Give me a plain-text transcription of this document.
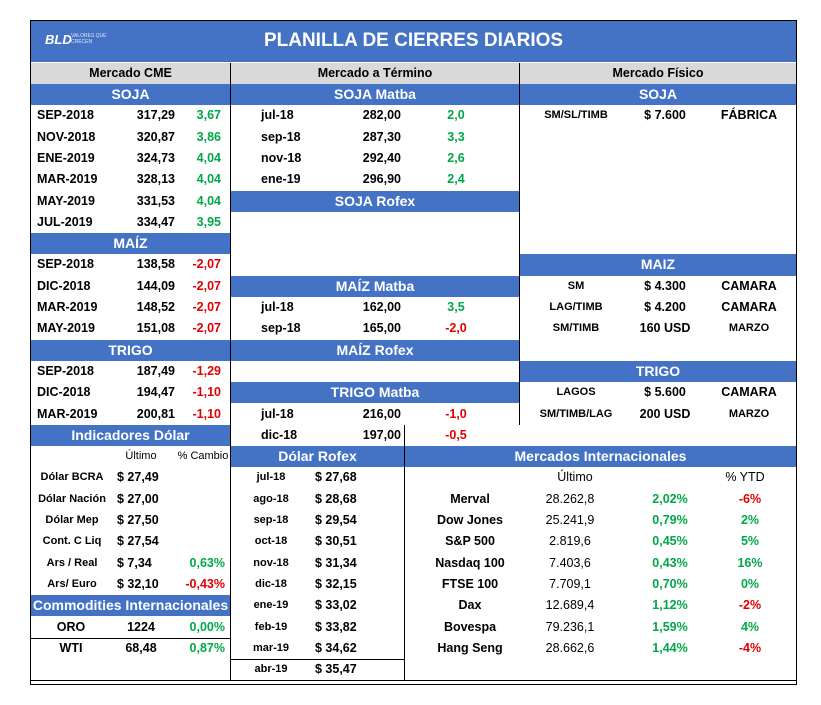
BLD VALORES QUE CRECEN	PLANILLA DE CIERRES DIARIOS
Mercado CME	Mercado a Término	Mercado Físico
SOJA
SEP-2018	317,29	3,67
NOV-2018	320,87	3,86
ENE-2019	324,73	4,04
MAR-2019	328,13	4,04
MAY-2019	331,53	4,04
JUL-2019	334,47	3,95
MAÍZ
SEP-2018	138,58	-2,07
DIC-2018	144,09	-2,07
MAR-2019	148,52	-2,07
MAY-2019	151,08	-2,07
TRIGO
SEP-2018	187,49	-1,29
DIC-2018	194,47	-1,10
MAR-2019	200,81	-1,10
Indicadores Dólar
Último	% Cambio
Dólar BCRA	$ 27,49
Dólar Nación $ 27,00
Dólar Mep	$ 27,50
Cont. C Liq	$ 27,54
Ars / Real	$ 7,34	0,63%
Ars/ Euro	$ 32,10	-0,43%
Commodities Internacionales
ORO	1224	0,00%
WTI	68,48	0,87%
SOJA Matba
jul-18	282,00	2,0
sep-18	287,30	3,3
nov-18	292,40	2,6
ene-19	296,90	2,4
SOJA Rofex
MAÍZ Matba
jul-18	162,00	3,5
sep-18	165,00	-2,0
MAÍZ Rofex
TRIGO Matba
jul-18	216,00	-1,0
dic-18	197,00	-0,5
Dólar Rofex
jul-18	$ 27,68
ago-18	$ 28,68
sep-18	$ 29,54
oct-18	$ 30,51
nov-18	$ 31,34
dic-18	$ 32,15
ene-19	$ 33,02
feb-19	$ 33,82
mar-19	$ 34,62
abr-19	$ 35,47
SOJA
SM/SL/TIMB	$ 7.600	FÁBRICA
MAIZ
SM	$ 4.300	CAMARA
LAG/TIMB	$ 4.200	CAMARA
SM/TIMB	160 USD	MARZO
TRIGO
LAGOS	$ 5.600	CAMARA
SM/TIMB/LAG	200 USD	MARZO
Mercados Internacionales
Último	% YTD
Merval	28.262,8	2,02%	-6%
Dow Jones	25.241,9	0,79%	2%
S&P 500	2.819,6	0,45%	5%
Nasdaq 100	7.403,6	0,43%	16%
FTSE 100	7.709,1	0,70%	0%
Dax	12.689,4	1,12%	-2%
Bovespa	79.236,1	1,59%	4%
Hang Seng	28.662,6	1,44%	-4%
